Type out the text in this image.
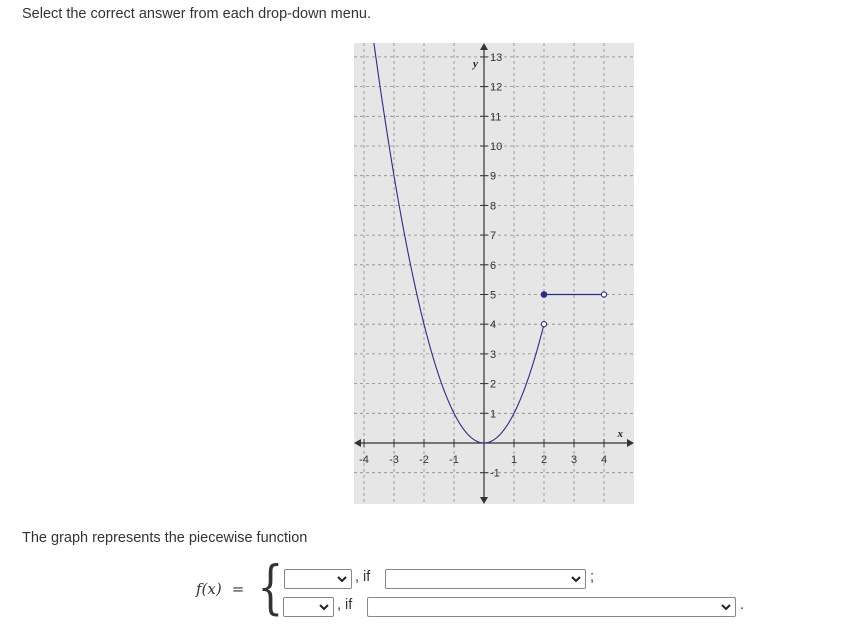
Select the correct answer from each drop-down menu.
x
y
-4 -3 -2 -1	1 2 3 4
-1
1
2
3
4
5
6
7
8
9
10
11
12
13
The graph represents the piecewise function
f(x) = {	, if	;
, if	.
